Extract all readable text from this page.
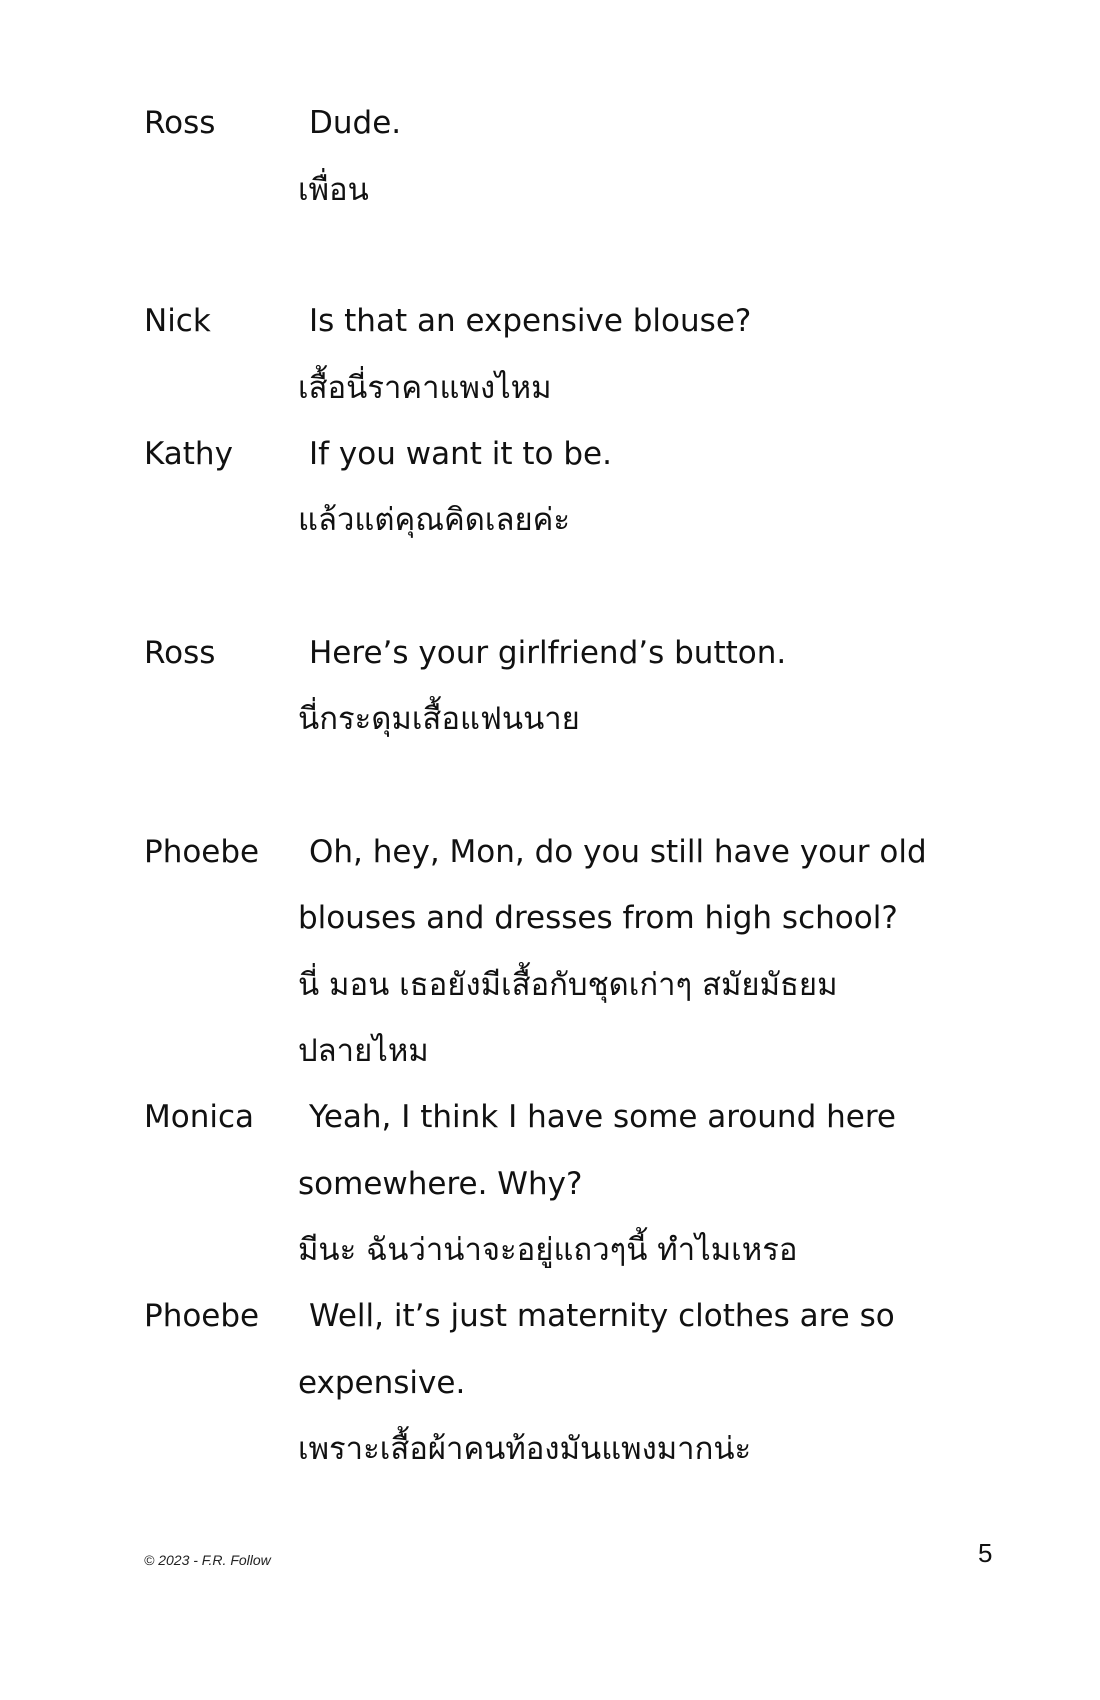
Ross	Dude.
เพื่อน
Nick	Is that an expensive blouse?
เสื้อนี่ราคาแพงไหม
Kathy If you want it to be.
แล้วแต่คุณคิดเลยค่ะ
Ross	Here’s your girlfriend’s button.
นี่กระดุมเสื้อแฟนนาย
Phoebe Oh, hey, Mon, do you still have your old
blouses and dresses from high school?
นี่ มอน เธอยังมีเสื้อกับชุดเก่าๆ สมัยมัธยม
ปลายไหม
Monica Yeah, I think I have some around here
somewhere. Why?
มีนะ ฉันว่าน่าจะอยู่แถวๆนี้ ทำไมเหรอ
Phoebe Well, it’s just maternity clothes are so
expensive.
เพราะเสื้อผ้าคนท้องมันแพงมากน่ะ
© 2023 - F.R. Follow	5
